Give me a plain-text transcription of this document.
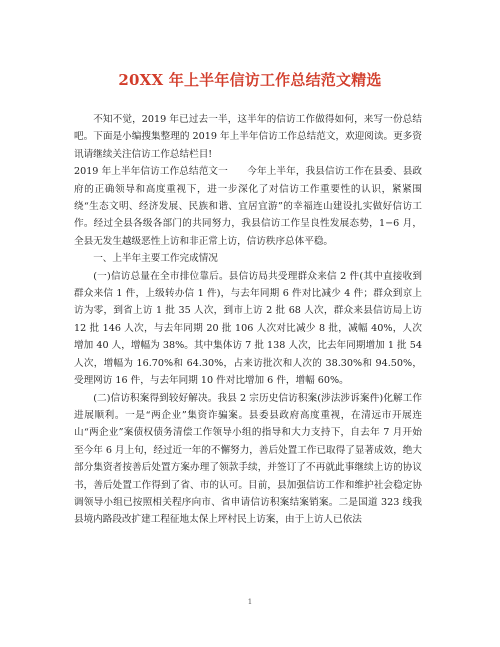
20XX 年上半年信访工作总结范文精选

不知不觉，2019 年已过去一半，这半年的信访工作做得如何，来写一份总结吧。下面是小编搜集整理的 2019 年上半年信访工作总结范文，欢迎阅读。更多资讯请继续关注信访工作总结栏目!

2019 年上半年信访工作总结范文一　　今年上半年，我县信访工作在县委、县政府的正确领导和高度重视下，进一步深化了对信访工作重要性的认识，紧紧围绕“生态文明、经济发展、民族和谐、宜居宜游”的幸福连山建设扎实做好信访工作。经过全县各级各部门的共同努力，我县信访工作呈良性发展态势，1−6 月，全县无发生越级恶性上访和非正常上访，信访秩序总体平稳。

一、上半年主要工作完成情况

(一)信访总量在全市排位靠后。县信访局共受理群众来信 2 件(其中直接收到群众来信 1 件，上级转办信 1 件)，与去年同期 6 件对比减少 4 件；群众到京上访为零，到省上访 1 批 35 人次，到市上访 2 批 68 人次，群众来县信访局上访 12 批 146 人次，与去年同期 20 批 106 人次对比减少 8 批，减幅 40%，人次增加 40 人，增幅为 38%。其中集体访 7 批 138 人次，比去年同期增加 1 批 54 人次，增幅为 16.70%和 64.30%，占来访批次和人次的 38.30%和 94.50%，受理网访 16 件，与去年同期 10 件对比增加 6 件，增幅 60%。

(二)信访积案得到较好解决。我县 2 宗历史信访积案(涉法涉诉案件)化解工作进展顺利。一是“两企业”集资诈骗案。县委县政府高度重视，在清远市开展连山“两企业”案债权债务清偿工作领导小组的指导和大力支持下，自去年 7 月开始至今年 6 月上旬，经过近一年的不懈努力，善后处置工作已取得了显著成效，绝大部分集资者按善后处置方案办理了领款手续，并签订了不再就此事继续上访的协议书，善后处置工作得到了省、市的认可。目前，县加强信访工作和维护社会稳定协调领导小组已按照相关程序向市、省申请信访积案结案销案。二是国道 323 线我县境内路段改扩建工程征地太保上坪村民上访案，由于上访人已依法

1
